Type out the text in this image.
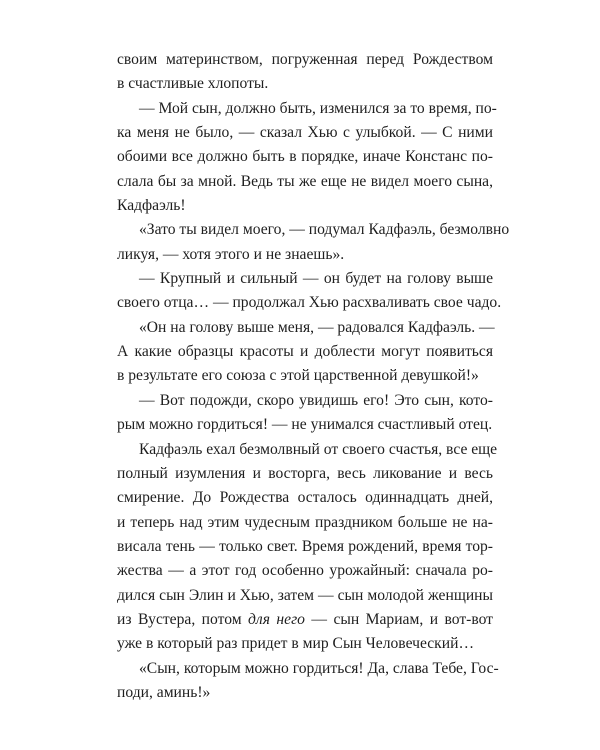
своим материнством, погруженная перед Рождеством
в счастливые хлопоты.
— Мой сын, должно быть, изменился за то время, по-
ка меня не было, — сказал Хью с улыбкой. — С ними
обоими все должно быть в порядке, иначе Констанс по-
слала бы за мной. Ведь ты же еще не видел моего сына,
Кадфаэль!
«Зато ты видел моего, — подумал Кадфаэль, безмолвно
ликуя, — хотя этого и не знаешь».
— Крупный и сильный — он будет на голову выше
своего отца… — продолжал Хью расхваливать свое чадо.
«Он на голову выше меня, — радовался Кадфаэль. —
А какие образцы красоты и доблести могут появиться
в результате его союза с этой царственной девушкой!»
— Вот подожди, скоро увидишь его! Это сын, кото-
рым можно гордиться! — не унимался счастливый отец.
Кадфаэль ехал безмолвный от своего счастья, все еще
полный изумления и восторга, весь ликование и весь
смирение. До Рождества осталось одиннадцать дней,
и теперь над этим чудесным праздником больше не на-
висала тень — только свет. Время рождений, время тор-
жества — а этот год особенно урожайный: сначала ро-
дился сын Элин и Хью, затем — сын молодой женщины
из Вустера, потом для него — сын Мариам, и вот-вот
уже в который раз придет в мир Сын Человеческий…
«Сын, которым можно гордиться! Да, слава Тебе, Гос-
поди, аминь!»
